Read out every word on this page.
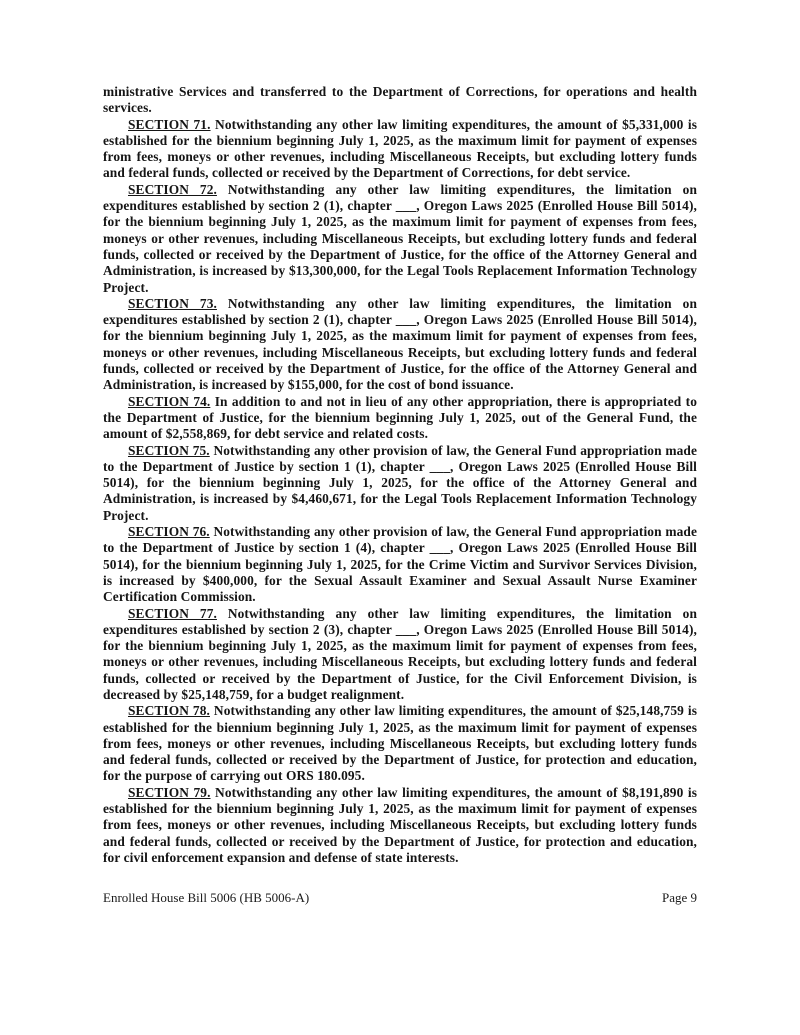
ministrative Services and transferred to the Department of Corrections, for operations and health services.

SECTION 71. Notwithstanding any other law limiting expenditures, the amount of $5,331,000 is established for the biennium beginning July 1, 2025, as the maximum limit for payment of expenses from fees, moneys or other revenues, including Miscellaneous Receipts, but excluding lottery funds and federal funds, collected or received by the Department of Corrections, for debt service.

SECTION 72. Notwithstanding any other law limiting expenditures, the limitation on expenditures established by section 2 (1), chapter ___, Oregon Laws 2025 (Enrolled House Bill 5014), for the biennium beginning July 1, 2025, as the maximum limit for payment of expenses from fees, moneys or other revenues, including Miscellaneous Receipts, but excluding lottery funds and federal funds, collected or received by the Department of Justice, for the office of the Attorney General and Administration, is increased by $13,300,000, for the Legal Tools Replacement Information Technology Project.

SECTION 73. Notwithstanding any other law limiting expenditures, the limitation on expenditures established by section 2 (1), chapter ___, Oregon Laws 2025 (Enrolled House Bill 5014), for the biennium beginning July 1, 2025, as the maximum limit for payment of expenses from fees, moneys or other revenues, including Miscellaneous Receipts, but excluding lottery funds and federal funds, collected or received by the Department of Justice, for the office of the Attorney General and Administration, is increased by $155,000, for the cost of bond issuance.

SECTION 74. In addition to and not in lieu of any other appropriation, there is appropriated to the Department of Justice, for the biennium beginning July 1, 2025, out of the General Fund, the amount of $2,558,869, for debt service and related costs.

SECTION 75. Notwithstanding any other provision of law, the General Fund appropriation made to the Department of Justice by section 1 (1), chapter ___, Oregon Laws 2025 (Enrolled House Bill 5014), for the biennium beginning July 1, 2025, for the office of the Attorney General and Administration, is increased by $4,460,671, for the Legal Tools Replacement Information Technology Project.

SECTION 76. Notwithstanding any other provision of law, the General Fund appropriation made to the Department of Justice by section 1 (4), chapter ___, Oregon Laws 2025 (Enrolled House Bill 5014), for the biennium beginning July 1, 2025, for the Crime Victim and Survivor Services Division, is increased by $400,000, for the Sexual Assault Examiner and Sexual Assault Nurse Examiner Certification Commission.

SECTION 77. Notwithstanding any other law limiting expenditures, the limitation on expenditures established by section 2 (3), chapter ___, Oregon Laws 2025 (Enrolled House Bill 5014), for the biennium beginning July 1, 2025, as the maximum limit for payment of expenses from fees, moneys or other revenues, including Miscellaneous Receipts, but excluding lottery funds and federal funds, collected or received by the Department of Justice, for the Civil Enforcement Division, is decreased by $25,148,759, for a budget realignment.

SECTION 78. Notwithstanding any other law limiting expenditures, the amount of $25,148,759 is established for the biennium beginning July 1, 2025, as the maximum limit for payment of expenses from fees, moneys or other revenues, including Miscellaneous Receipts, but excluding lottery funds and federal funds, collected or received by the Department of Justice, for protection and education, for the purpose of carrying out ORS 180.095.

SECTION 79. Notwithstanding any other law limiting expenditures, the amount of $8,191,890 is established for the biennium beginning July 1, 2025, as the maximum limit for payment of expenses from fees, moneys or other revenues, including Miscellaneous Receipts, but excluding lottery funds and federal funds, collected or received by the Department of Justice, for protection and education, for civil enforcement expansion and defense of state interests.

Enrolled House Bill 5006 (HB 5006-A)	Page 9
